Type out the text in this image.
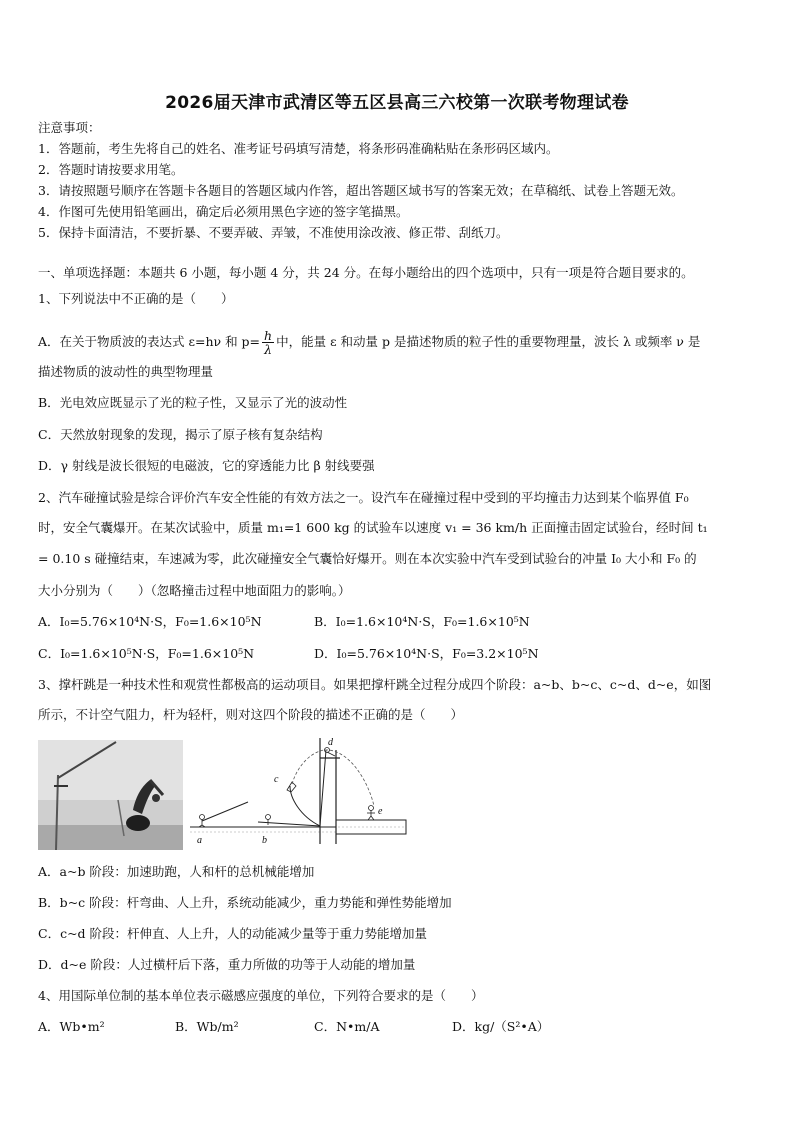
2026届天津市武清区等五区县高三六校第一次联考物理试卷
注意事项：
1．答题前，考生先将自己的姓名、准考证号码填写清楚，将条形码准确粘贴在条形码区域内。
2．答题时请按要求用笔。
3．请按照题号顺序在答题卡各题目的答题区域内作答，超出答题区域书写的答案无效；在草稿纸、试卷上答题无效。
4．作图可先使用铅笔画出，确定后必须用黑色字迹的签字笔描黑。
5．保持卡面清洁，不要折暴、不要弄破、弄皱，不准使用涂改液、修正带、刮纸刀。
一、单项选择题：本题共 6 小题，每小题 4 分，共 24 分。在每小题给出的四个选项中，只有一项是符合题目要求的。
1、下列说法中不正确的是（　　）
A．在关于物质波的表达式 ε=hν 和 $p= \frac{h}{\lambda}$ 中，能量 ε 和动量 p 是描述物质的粒子性的重要物理量，波长 λ 或频率 ν 是
描述物质的波动性的典型物理量
B．光电效应既显示了光的粒子性，又显示了光的波动性
C．天然放射现象的发现，揭示了原子核有复杂结构
D．γ 射线是波长很短的电磁波，它的穿透能力比 β 射线要强
2、汽车碰撞试验是综合评价汽车安全性能的有效方法之一。设汽车在碰撞过程中受到的平均撞击力达到某个临界值 F₀
时，安全气囊爆开。在某次试验中，质量 m₁=1 600 kg 的试验车以速度 v₁ = 36 km/h 正面撞击固定试验台，经时间 t₁
= 0.10 s 碰撞结束，车速减为零，此次碰撞安全气囊恰好爆开。则在本次实验中汽车受到试验台的冲量 I₀ 大小和 F₀ 的
大小分别为（　　）（忽略撞击过程中地面阻力的影响。）
A．I₀=5.76×10⁴N·S，F₀=1.6×10⁵N	B．I₀=1.6×10⁴N·S，F₀=1.6×10⁵N
C．I₀=1.6×10⁵N·S，F₀=1.6×10⁵N	D．I₀=5.76×10⁴N·S，F₀=3.2×10⁵N
3、撑杆跳是一种技术性和观赏性都极高的运动项目。如果把撑杆跳全过程分成四个阶段：a~b、b~c、c~d、d~e，如图
所示，不计空气阻力，杆为轻杆，则对这四个阶段的描述不正确的是（　　）
a	b
c
d
e
A．a~b 阶段：加速助跑，人和杆的总机械能增加
B．b~c 阶段：杆弯曲、人上升，系统动能减少，重力势能和弹性势能增加
C．c~d 阶段：杆伸直、人上升，人的动能减少量等于重力势能增加量
D．d~e 阶段：人过横杆后下落，重力所做的功等于人动能的增加量
4、用国际单位制的基本单位表示磁感应强度的单位，下列符合要求的是（　　）
A．Wb•m²	B．Wb/m²	C．N•m/A	D．kg/（S²•A）
